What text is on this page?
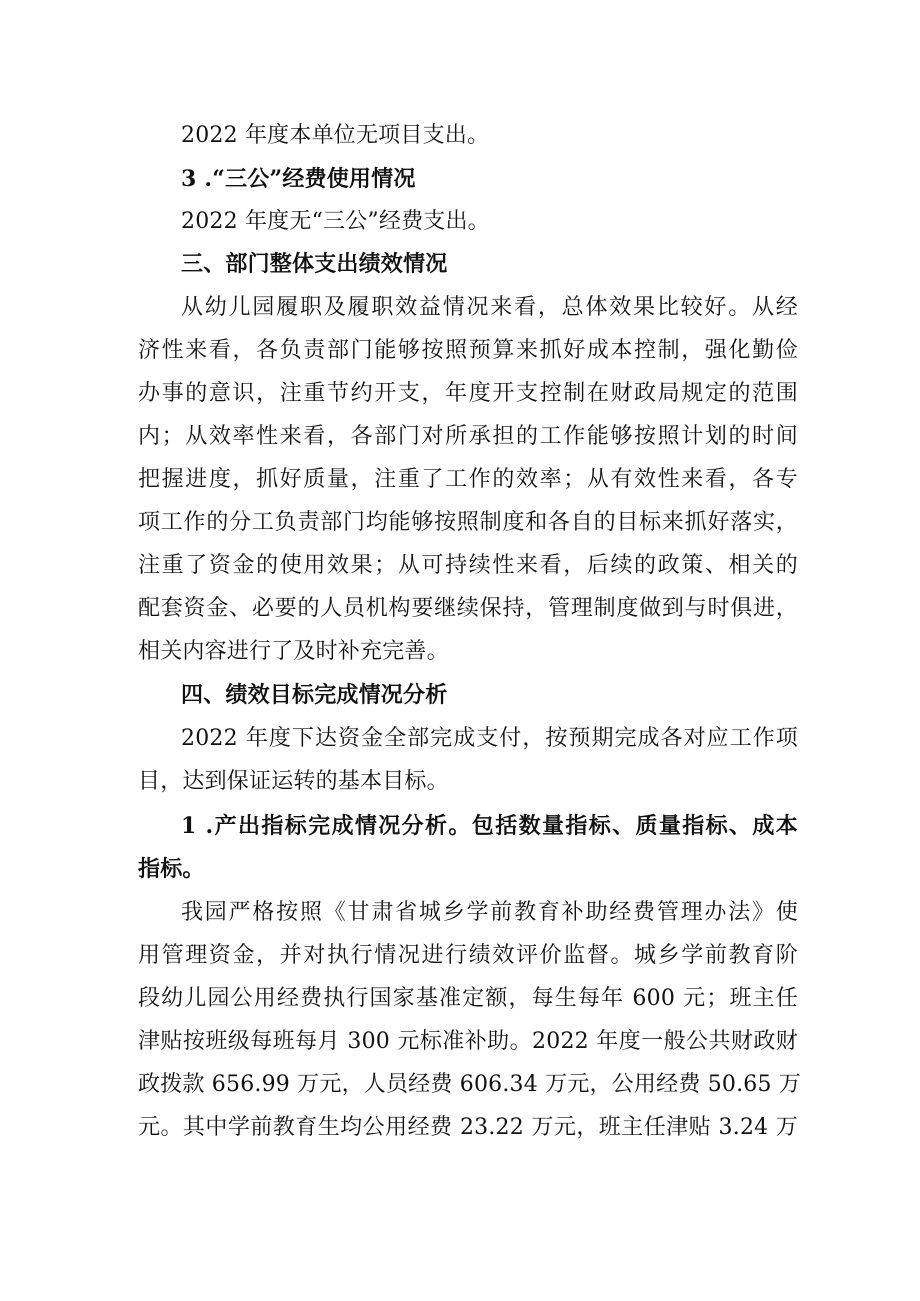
2022 年度本单位无项目支出。
3 .“三公”经费使用情况
2022 年度无“三公”经费支出。
三、部门整体支出绩效情况
从幼儿园履职及履职效益情况来看，总体效果比较好。从经
济性来看，各负责部门能够按照预算来抓好成本控制，强化勤俭
办事的意识，注重节约开支，年度开支控制在财政局规定的范围
内；从效率性来看，各部门对所承担的工作能够按照计划的时间
把握进度，抓好质量，注重了工作的效率；从有效性来看，各专
项工作的分工负责部门均能够按照制度和各自的目标来抓好落实，
注重了资金的使用效果；从可持续性来看，后续的政策、相关的
配套资金、必要的人员机构要继续保持，管理制度做到与时俱进，
相关内容进行了及时补充完善。
四、绩效目标完成情况分析
2022 年度下达资金全部完成支付，按预期完成各对应工作项
目，达到保证运转的基本目标。
1 .产出指标完成情况分析。包括数量指标、质量指标、成本
指标。
我园严格按照《甘肃省城乡学前教育补助经费管理办法》使
用管理资金，并对执行情况进行绩效评价监督。城乡学前教育阶
段幼儿园公用经费执行国家基准定额，每生每年 600 元；班主任
津贴按班级每班每月 300 元标准补助。2022 年度一般公共财政财
政拨款 656.99 万元，人员经费 606.34 万元，公用经费 50.65 万
元。其中学前教育生均公用经费 23.22 万元，班主任津贴 3.24 万
